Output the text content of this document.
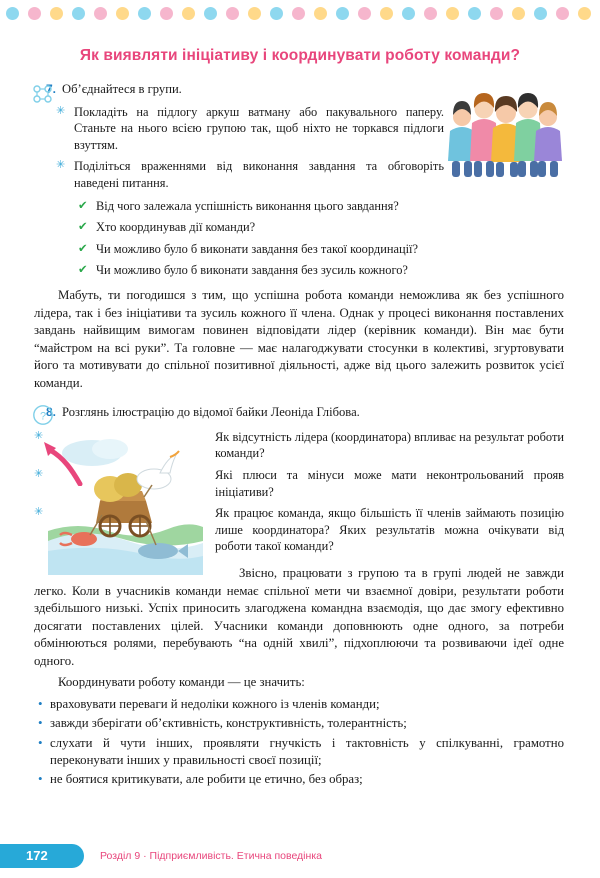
Як виявляти ініціативу і координувати роботу команди?
7. Об’єднайтеся в групи.
✳ Покладіть на підлогу аркуш ватману або пакувального паперу. Станьте на нього всією групою так, щоб ніхто не торкався підлоги взуттям.
✳ Поділіться враженнями від виконання завдання та обговоріть наведені питання.
✔ Від чого залежала успішність виконання цього завдання?
✔ Хто координував дії команди?
✔ Чи можливо було б виконати завдання без такої координації?
✔ Чи можливо було б виконати завдання без зусиль кожного?

Мабуть, ти погодишся з тим, що успішна робота команди неможлива як без успішного лідера, так і без ініціативи та зусиль кожного її члена. Однак у процесі виконання поставлених завдань найвищим вимогам повинен відповідати лідер (керівник команди). Він має бути “майстром на всі руки”. Та головне — має налагоджувати стосунки в колективі, згуртовувати його та мотивувати до спільної позитивної діяльності, адже від цього залежить розвиток усієї команди.

? 8. Розглянь ілюстрацію до відомої байки Леоніда Глібова.
✳	Як відсутність лідера (координатора) впливає на результат роботи команди?
✳	Які плюси та мінуси може мати неконтрольований прояв ініціативи?
✳	Як працює команда, якщо більшість її членів займають позицію лише координатора? Яких результатів можна очікувати від роботи такої команди?

Звісно, працювати з групою та в групі людей не завжди легко. Коли в учасників команди немає спільної мети чи взаємної довіри, результати роботи здебільшого низькі. Успіх приносить злагоджена командна взаємодія, що дає змогу ефективно досягати поставлених цілей. Учасники команди доповнюють одне одного, за потреби обмінюються ролями, перебувають “на одній хвилі”, підхоплюючи та розвиваючи ідеї одне одного.

Координувати роботу команди — це значить:

• враховувати переваги й недоліки кожного із членів команди;
• завжди зберігати об’єктивність, конструктивність, толерантність;
• слухати й чути інших, проявляти гнучкість і тактовність у спілкуванні, грамотно переконувати інших у правильності своєї позиції;
• не боятися критикувати, але робити це етично, без образ;
172	Розділ 9 · Підприємливість. Етична поведінка
